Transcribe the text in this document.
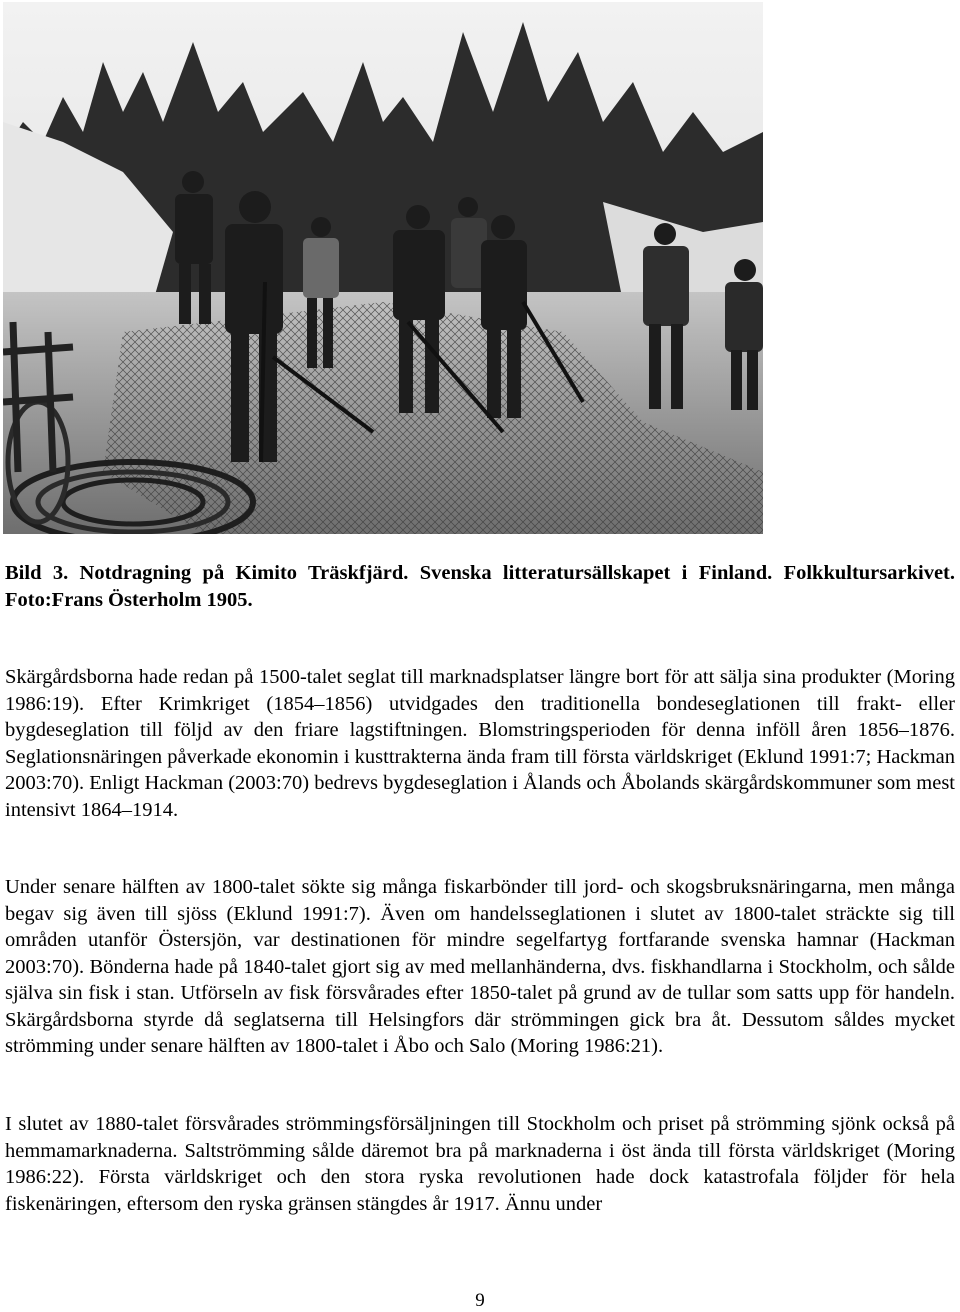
Bild 3. Notdragning på Kimito Träskfjärd. Svenska litteratursällskapet i Finland. Folkkultursarkivet. Foto:Frans Österholm 1905.

Skärgårdsborna hade redan på 1500-talet seglat till marknadsplatser längre bort för att sälja sina produkter (Moring 1986:19). Efter Krimkriget (1854–1856) utvidgades den traditionella bondeseglationen till frakt- eller bygdeseglation till följd av den friare lagstiftningen. Blomstringsperioden för denna inföll åren 1856–1876. Seglationsnäringen påverkade ekonomin i kusttrakterna ända fram till första världskriget (Eklund 1991:7; Hackman 2003:70). Enligt Hackman (2003:70) bedrevs bygdeseglation i Ålands och Åbolands skärgårdskommuner som mest intensivt 1864–1914.

Under senare hälften av 1800-talet sökte sig många fiskarbönder till jord- och skogsbruksnäringarna, men många begav sig även till sjöss (Eklund 1991:7). Även om handelsseglationen i slutet av 1800-talet sträckte sig till områden utanför Östersjön, var destinationen för mindre segelfartyg fortfarande svenska hamnar (Hackman 2003:70). Bönderna hade på 1840-talet gjort sig av med mellanhänderna, dvs. fiskhandlarna i Stockholm, och sålde själva sin fisk i stan. Utförseln av fisk försvårades efter 1850-talet på grund av de tullar som satts upp för handeln. Skärgårdsborna styrde då seglatserna till Helsingfors där strömmingen gick bra åt. Dessutom såldes mycket strömming under senare hälften av 1800-talet i Åbo och Salo (Moring 1986:21).

I slutet av 1880-talet försvårades strömmingsförsäljningen till Stockholm och priset på strömming sjönk också på hemmamarknaderna. Saltströmming sålde däremot bra på marknaderna i öst ända till första världskriget (Moring 1986:22). Första världskriget och den stora ryska revolutionen hade dock katastrofala följder för hela fiskenäringen, eftersom den ryska gränsen stängdes år 1917. Ännu under

9
